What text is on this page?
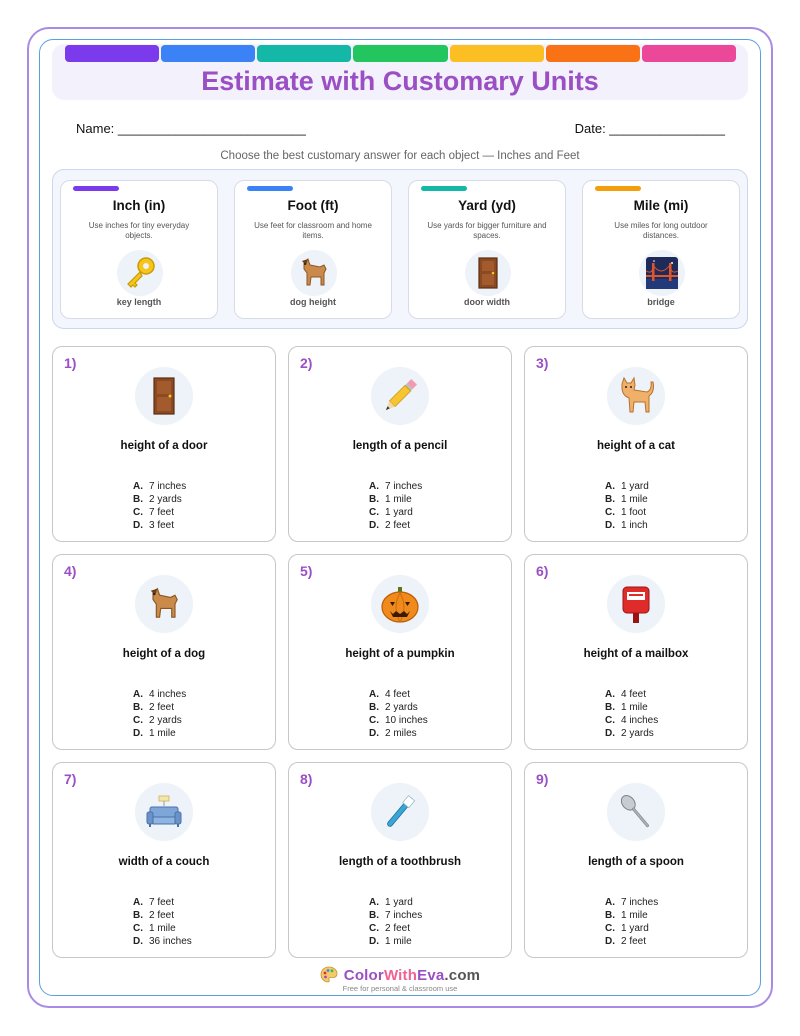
Estimate with Customary Units
Name: __________________________	Date: ________________
Choose the best customary answer for each object — Inches and Feet
Inch (in)
Use inches for tiny everyday objects.
key length
Foot (ft)
Use feet for classroom and home items.
dog height
Yard (yd)
Use yards for bigger furniture and spaces.
door width
Mile (mi)
Use miles for long outdoor distances.
bridge
1)
height of a door
A. 7 inches
B. 2 yards
C. 7 feet
D. 3 feet
2)
length of a pencil
A. 7 inches
B. 1 mile
C. 1 yard
D. 2 feet
3)
height of a cat
A. 1 yard
B. 1 mile
C. 1 foot
D. 1 inch
4)
height of a dog
A. 4 inches
B. 2 feet
C. 2 yards
D. 1 mile
5)
height of a pumpkin
A. 4 feet
B. 2 yards
C. 10 inches
D. 2 miles
6)
height of a mailbox
A. 4 feet
B. 1 mile
C. 4 inches
D. 2 yards
7)
width of a couch
A. 7 feet
B. 2 feet
C. 1 mile
D. 36 inches
8)
length of a toothbrush
A. 1 yard
B. 7 inches
C. 2 feet
D. 1 mile
9)
length of a spoon
A. 7 inches
B. 1 mile
C. 1 yard
D. 2 feet
ColorWithEva.com
Free for personal & classroom use
